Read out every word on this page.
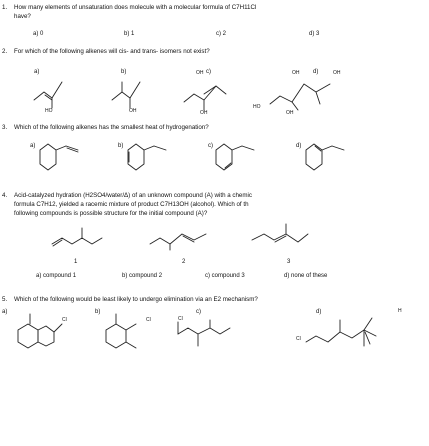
1. How many elements of unsaturation does molecule with a molecular formula of C7H11Cl
have?
a) 0	b) 1	c) 2	d) 3
2. For which of the following alkenes will cis- and trans- isomers not exist?
a)
HO
b)
OH
c)
OH
OH
d)
HO
OH
OH
OH
3. Which of the following alkenes has the smallest heat of hydrogenation?
a)	b)	c)	d)
4. Acid-catalyzed hydration (H2SO4/water/Δ) of an unknown compound (A) with a chemic
formula C7H12, yielded a racemic mixture of product C7H13OH (alcohol). Which of th
following compounds is possible structure for the initial compound (A)?
1	2	3
a) compound 1	b) compound 2	c) compound 3	d) none of these
5. Which of the following would be least likely to undergo elimination via an E2 mechanism?
a)
Cl
b)
Cl
c)
Cl
d)
Cl
H
